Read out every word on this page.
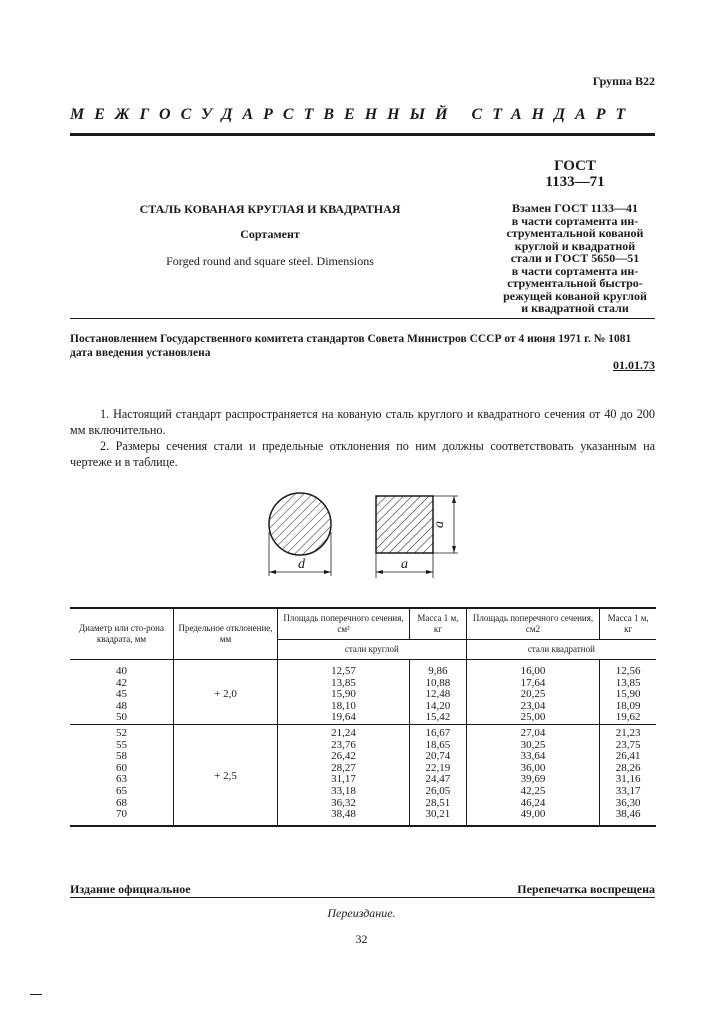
Группа В22
МЕЖГОСУДАРСТВЕННЫЙ СТАНДАРТ
СТАЛЬ КОВАНАЯ КРУГЛАЯ И КВАДРАТНАЯ
Сортамент
Forged round and square steel. Dimensions
ГОСТ
1133—71
Взамен ГОСТ 1133—41
в части сортамента ин-
струментальной кованой
круглой и квадратной
стали и ГОСТ 5650—51
в части сортамента ин-
струментальной быстро-
режущей кованой круглой
и квадратной стали
Постановлением Государственного комитета стандартов Совета Министров СССР от 4 июня 1971 г. № 1081 дата введения установлена
01.01.73
1. Настоящий стандарт распространяется на кованую сталь круглого и квадратного сечения от 40 до 200 мм включительно.
2. Размеры сечения стали и предельные отклонения по ним должны соответствовать указанным на чертеже и в таблице.
d
a
a
Диаметр или сто-рона квадрата, мм	Предельное отклонение, мм	Площадь поперечного сечения, см²	Масса 1 м, кг	Площадь поперечного сечения, см2	Масса 1 м, кг
		стали круглой		стали квадратной	
40	+ 2,0	12,57	9,86	16,00	12,56
42		13,85	10,88	17,64	13,85
45		15,90	12,48	20,25	15,90
48		18,10	14,20	23,04	18,09
50		19,64	15,42	25,00	19,62
52	+ 2,5	21,24	16,67	27,04	21,23
55		23,76	18,65	30,25	23,75
58		26,42	20,74	33,64	26,41
60		28,27	22,19	36,00	28,26
63		31,17	24,47	39,69	31,16
65		33,18	26,05	42,25	33,17
68		36,32	28,51	46,24	36,30
70		38,48	30,21	49,00	38,46
Издание официальное	Перепечатка воспрещена
Переиздание.
32
